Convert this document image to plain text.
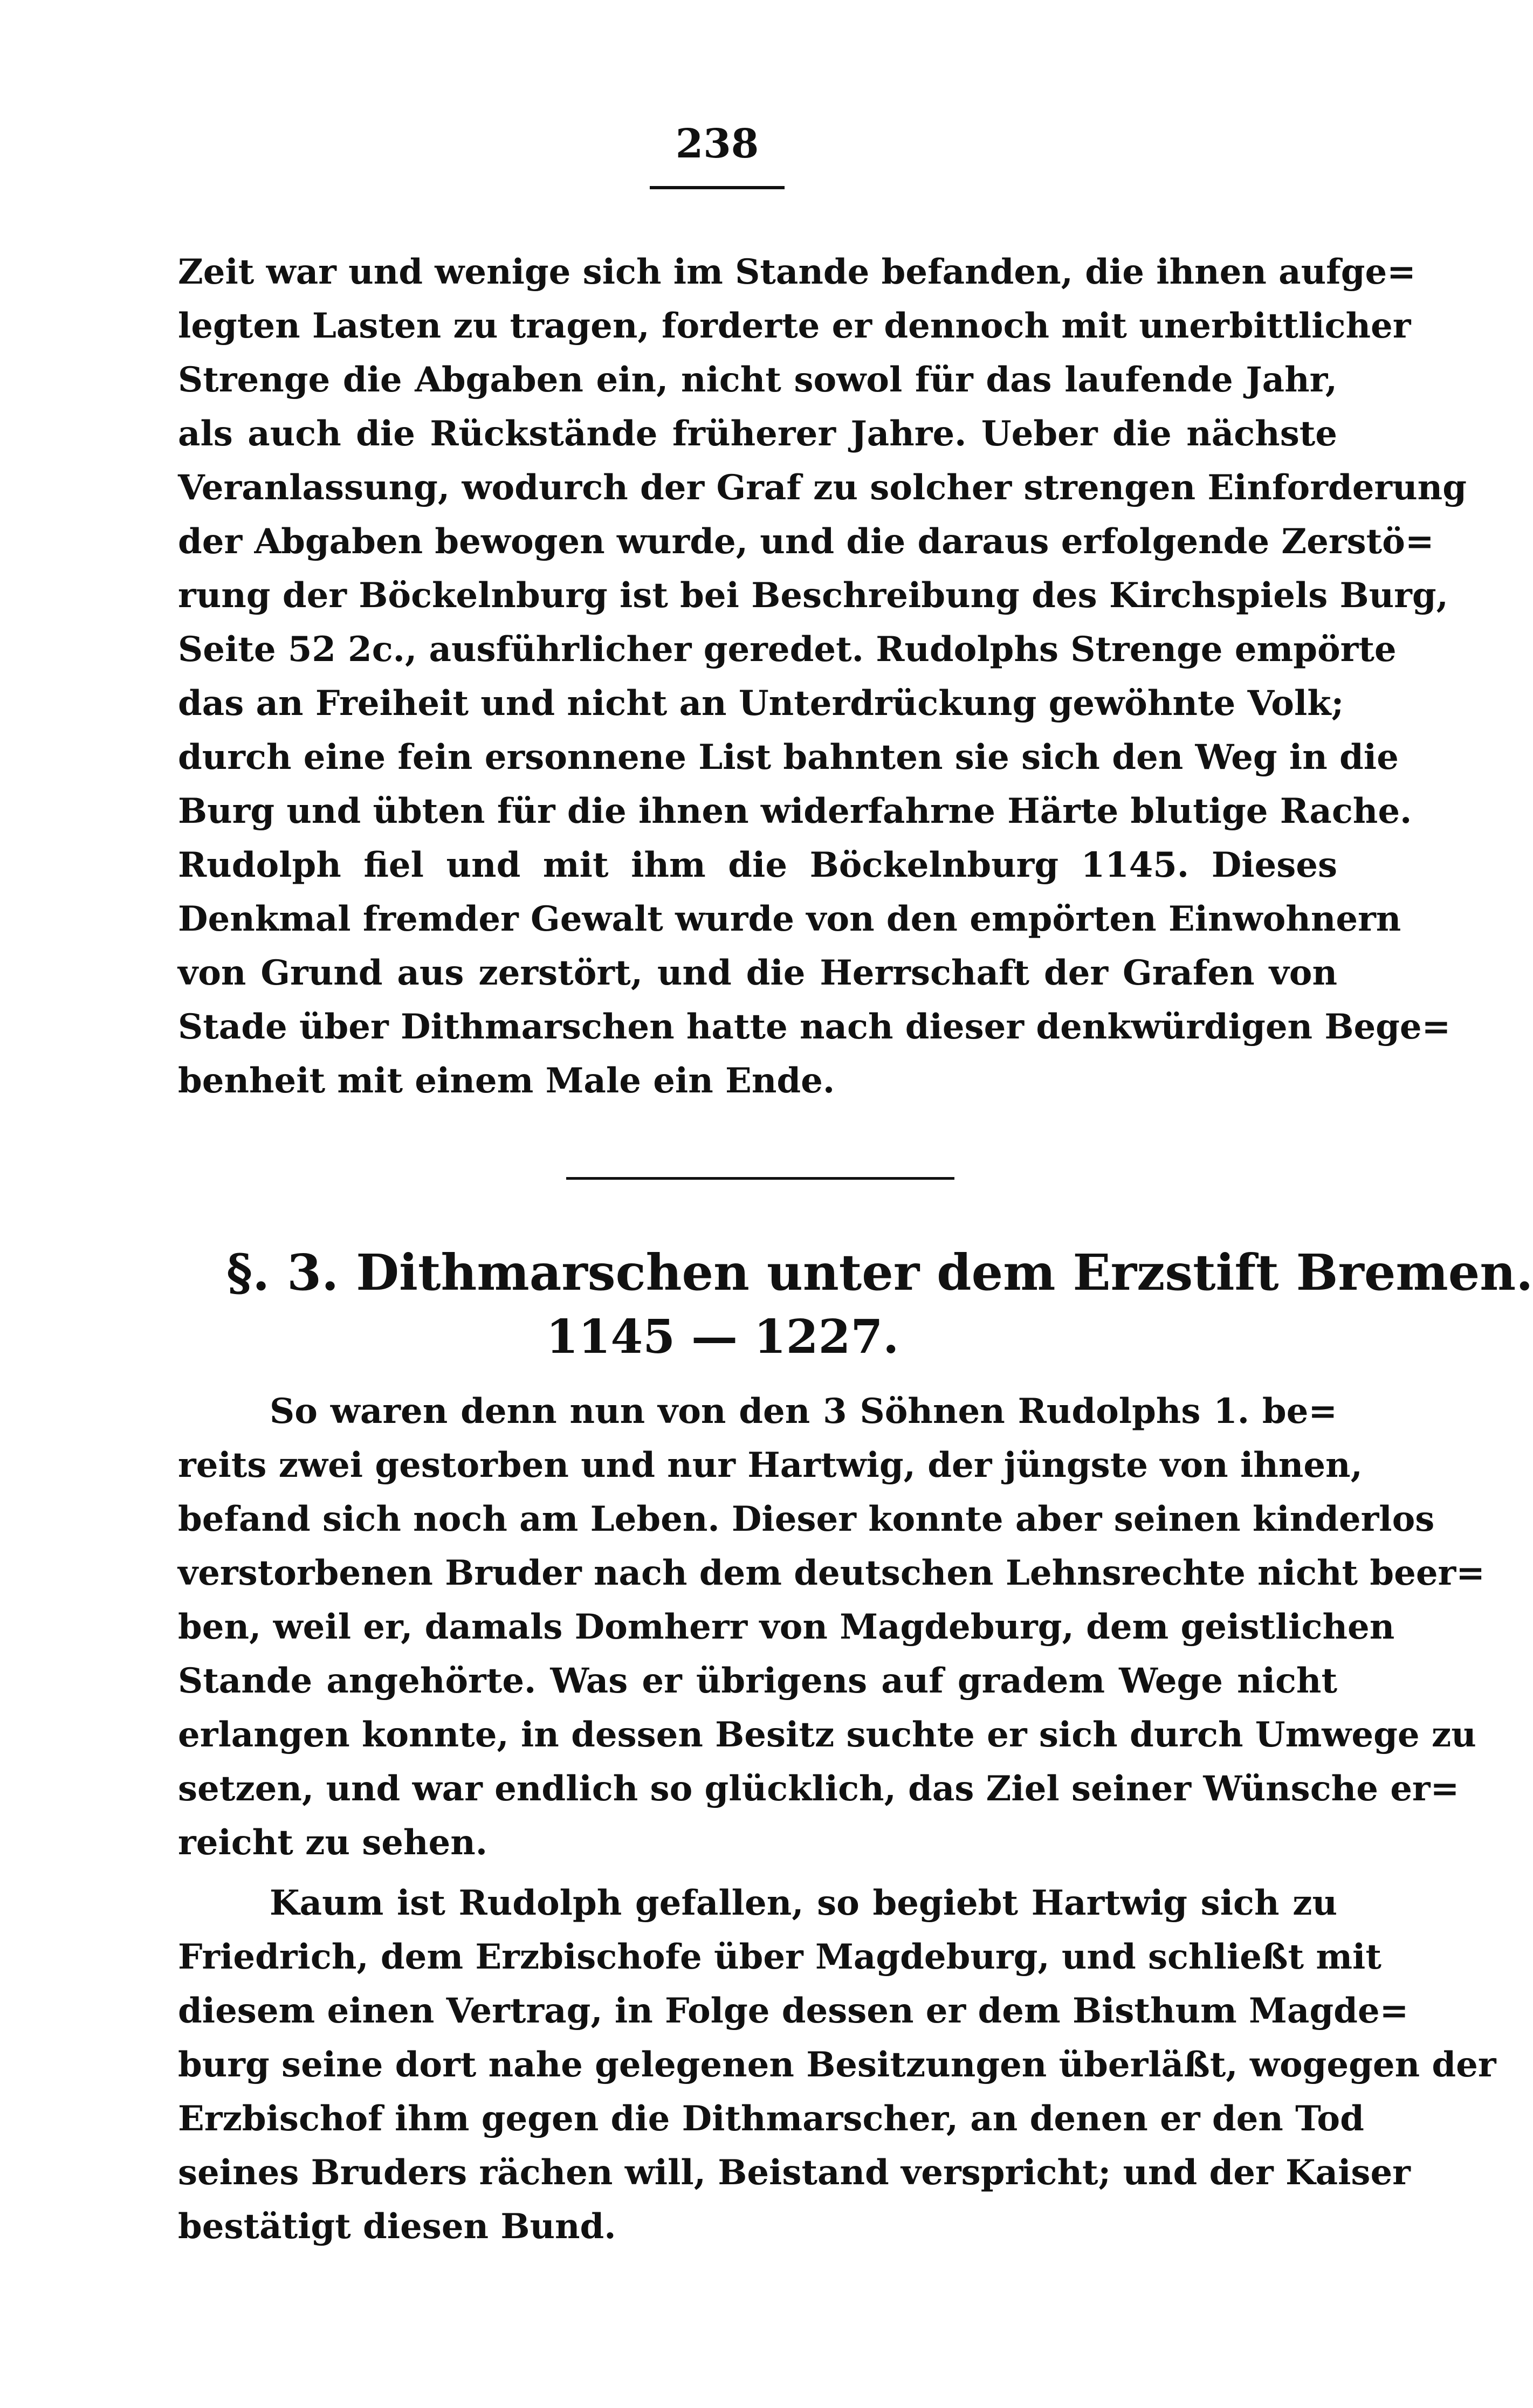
238
Zeit war und wenige sich im Stande befanden, die ihnen aufge=
legten Lasten zu tragen, forderte er dennoch mit unerbittlicher
Strenge die Abgaben ein, nicht sowol für das laufende Jahr,
als auch die Rückstände früherer Jahre. Ueber die nächste
Veranlassung, wodurch der Graf zu solcher strengen Einforderung
der Abgaben bewogen wurde, und die daraus erfolgende Zerstö=
rung der Böckelnburg ist bei Beschreibung des Kirchspiels Burg,
Seite 52 2c., ausführlicher geredet. Rudolphs Strenge empörte
das an Freiheit und nicht an Unterdrückung gewöhnte Volk;
durch eine fein ersonnene List bahnten sie sich den Weg in die
Burg und übten für die ihnen widerfahrne Härte blutige Rache.
Rudolph fiel und mit ihm die Böckelnburg 1145. Dieses
Denkmal fremder Gewalt wurde von den empörten Einwohnern
von Grund aus zerstört, und die Herrschaft der Grafen von
Stade über Dithmarschen hatte nach dieser denkwürdigen Bege=
benheit mit einem Male ein Ende.
§. 3. Dithmarschen unter dem Erzstift Bremen.
1145 — 1227.
So waren denn nun von den 3 Söhnen Rudolphs 1. be=
reits zwei gestorben und nur Hartwig, der jüngste von ihnen,
befand sich noch am Leben. Dieser konnte aber seinen kinderlos
verstorbenen Bruder nach dem deutschen Lehnsrechte nicht beer=
ben, weil er, damals Domherr von Magdeburg, dem geistlichen
Stande angehörte. Was er übrigens auf gradem Wege nicht
erlangen konnte, in dessen Besitz suchte er sich durch Umwege zu
setzen, und war endlich so glücklich, das Ziel seiner Wünsche er=
reicht zu sehen.
Kaum ist Rudolph gefallen, so begiebt Hartwig sich zu
Friedrich, dem Erzbischofe über Magdeburg, und schließt mit
diesem einen Vertrag, in Folge dessen er dem Bisthum Magde=
burg seine dort nahe gelegenen Besitzungen überläßt, wogegen der
Erzbischof ihm gegen die Dithmarscher, an denen er den Tod
seines Bruders rächen will, Beistand verspricht; und der Kaiser
bestätigt diesen Bund.
